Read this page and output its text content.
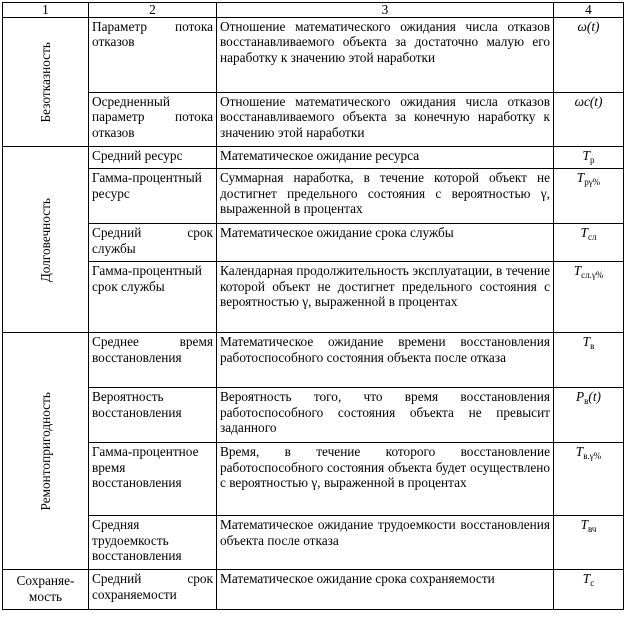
1	2	3	4

Безотказность	Параметр потока отказов	Отношение математического ожидания числа отказов восстанавливаемого объекта за достаточно малую его наработку к значению этой наработки	ω(t)
	Осредненный параметр потока отказов	Отношение математического ожидания числа отказов восстанавливаемого объекта за конечную наработку к значению этой наработки	ωс(t)

Долговечность	Средний ресурс	Математическое ожидание ресурса	$T_р$
	Гамма-процентный ресурс	Суммарная наработка, в течение которой объект не достигнет предельного состояния с вероятностью γ, выраженной в процентах	$T_{р\gamma\%}$
	Средний срок службы	Математическое ожидание срока службы	$T_{сл}$
	Гамма-процентный срок службы	Календарная продолжительность эксплуатации, в течение которой объект не достигнет предельного состояния с вероятностью γ, выраженной в процентах	$T_{сл.\gamma\%}$

Ремонтопригодность	Среднее время восстановления	Математическое ожидание времени восстановления работоспособного состояния объекта после отказа	$T_в$
	Вероятность восстановления	Вероятность того, что время восстановления работоспособного состояния объекта не превысит заданного	$P_в(t)$
	Гамма-процентное время восстановления	Время, в течение которого восстановление работоспособного состояния объекта будет осуществлено с вероятностью γ, выраженной в процентах	$T_{в.\gamma\%}$
	Средняя трудоемкость восстановления	Математическое ожидание трудоемкости восстановления объекта после отказа	$T_{вч}$
Сохраняе-
мость	Средний срок сохраняемости	Математическое ожидание срока сохраняемости	$T_с$
